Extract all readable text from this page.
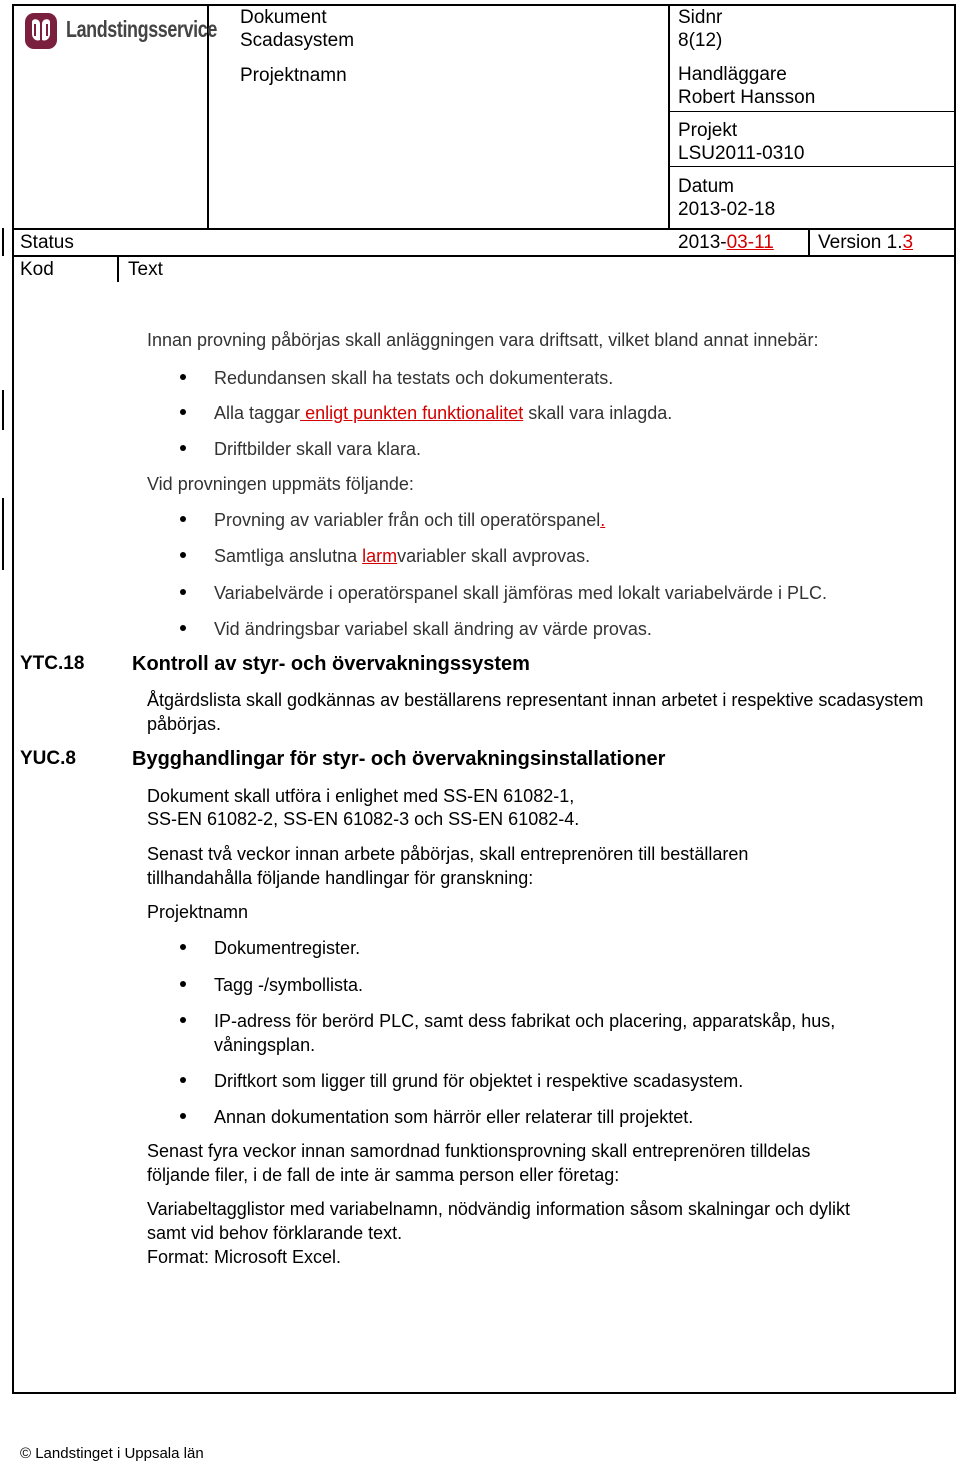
Landstingsservice Dokument
Scadasystem
Projektnamn
Sidnr
8(12)
Handläggare
Robert Hansson
Projekt
LSU2011-0310
Datum
2013-02-18
Status	2013-03-11 Version 1.3
Kod	Text
Innan provning påbörjas skall anläggningen vara driftsatt, vilket bland annat innebär:
Redundansen skall ha testats och dokumenterats.
Alla taggar enligt punkten funktionalitet skall vara inlagda.
Driftbilder skall vara klara.
Vid provningen uppmäts följande:
Provning av variabler från och till operatörspanel.
Samtliga anslutna larmvariabler skall avprovas.
Variabelvärde i operatörspanel skall jämföras med lokalt variabelvärde i PLC.
Vid ändringsbar variabel skall ändring av värde provas.
YTC.18 Kontroll av styr- och övervakningssystem
Åtgärdslista skall godkännas av beställarens representant innan arbetet i respektive scadasystem påbörjas.
YUC.8	Bygghandlingar för styr- och övervakningsinstallationer
Dokument skall utföra i enlighet med SS-EN 61082-1,
SS-EN 61082-2, SS-EN 61082-3 och SS-EN 61082-4.
Senast två veckor innan arbete påbörjas, skall entreprenören till beställaren
tillhandahålla följande handlingar för granskning:
Projektnamn
Dokumentregister.
Tagg -/symbollista.
IP-adress för berörd PLC, samt dess fabrikat och placering, apparatskåp, hus,
våningsplan.
Driftkort som ligger till grund för objektet i respektive scadasystem.
Annan dokumentation som härrör eller relaterar till projektet.
Senast fyra veckor innan samordnad funktionsprovning skall entreprenören tilldelas
följande filer, i de fall de inte är samma person eller företag:
Variabeltagglistor med variabelnamn, nödvändig information såsom skalningar och dylikt
samt vid behov förklarande text.
Format: Microsoft Excel.
© Landstinget i Uppsala län
